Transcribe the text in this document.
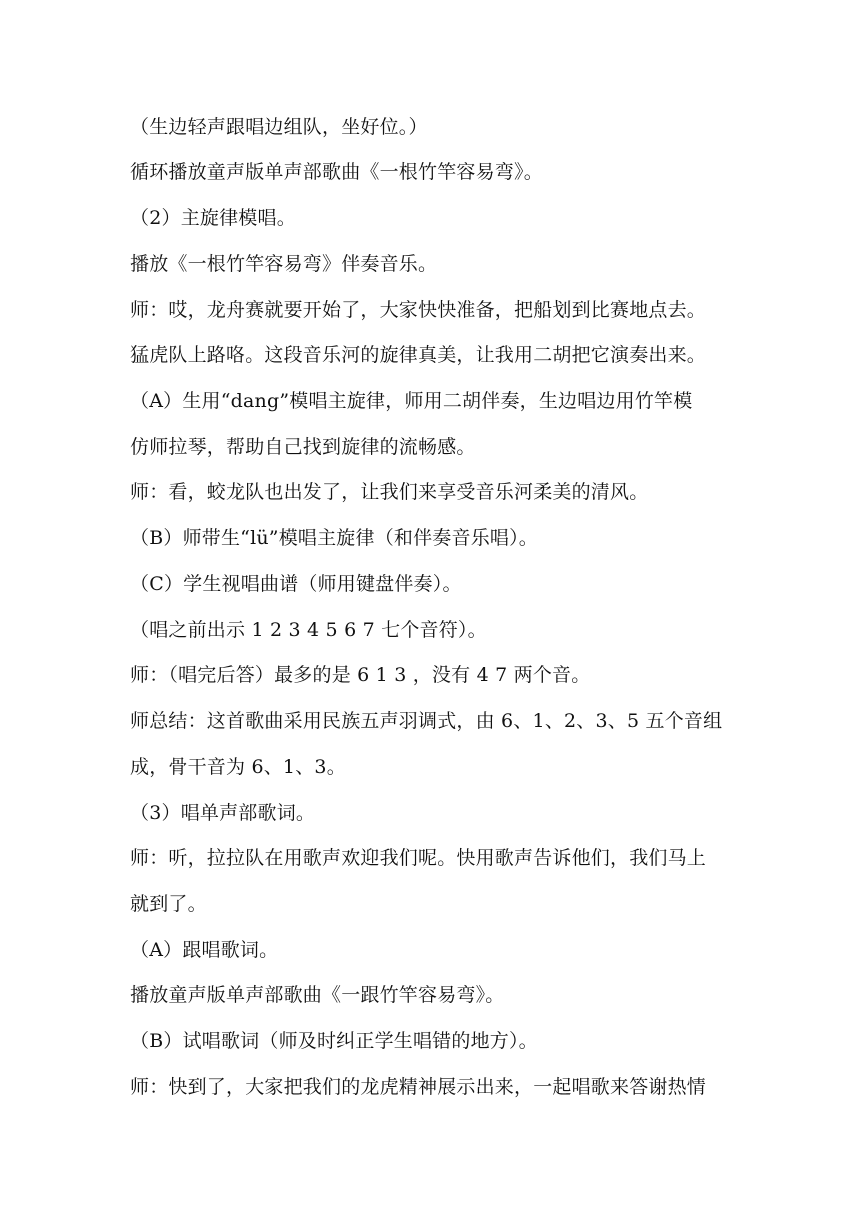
（生边轻声跟唱边组队，坐好位。）
循环播放童声版单声部歌曲《一根竹竿容易弯》。
（2）主旋律模唱。
播放《一根竹竿容易弯》伴奏音乐。
师：哎，龙舟赛就要开始了，大家快快准备，把船划到比赛地点去。
猛虎队上路咯。这段音乐河的旋律真美，让我用二胡把它演奏出来。
（A）生用“dang”模唱主旋律，师用二胡伴奏，生边唱边用竹竿模
仿师拉琴，帮助自己找到旋律的流畅感。
师：看，蛟龙队也出发了，让我们来享受音乐河柔美的清风。
（B）师带生“lü”模唱主旋律（和伴奏音乐唱）。
（C）学生视唱曲谱（师用键盘伴奏）。
（唱之前出示 1 2 3 4 5 6 7 七个音符）。
师：（唱完后答）最多的是 6 1 3 ，没有 4 7 两个音。
师总结：这首歌曲采用民族五声羽调式，由 6、1、2、3、5 五个音组
成，骨干音为 6、1、3。
（3）唱单声部歌词。
师：听，拉拉队在用歌声欢迎我们呢。快用歌声告诉他们，我们马上
就到了。
（A）跟唱歌词。
播放童声版单声部歌曲《一跟竹竿容易弯》。
（B）试唱歌词（师及时纠正学生唱错的地方）。
师：快到了，大家把我们的龙虎精神展示出来，一起唱歌来答谢热情
